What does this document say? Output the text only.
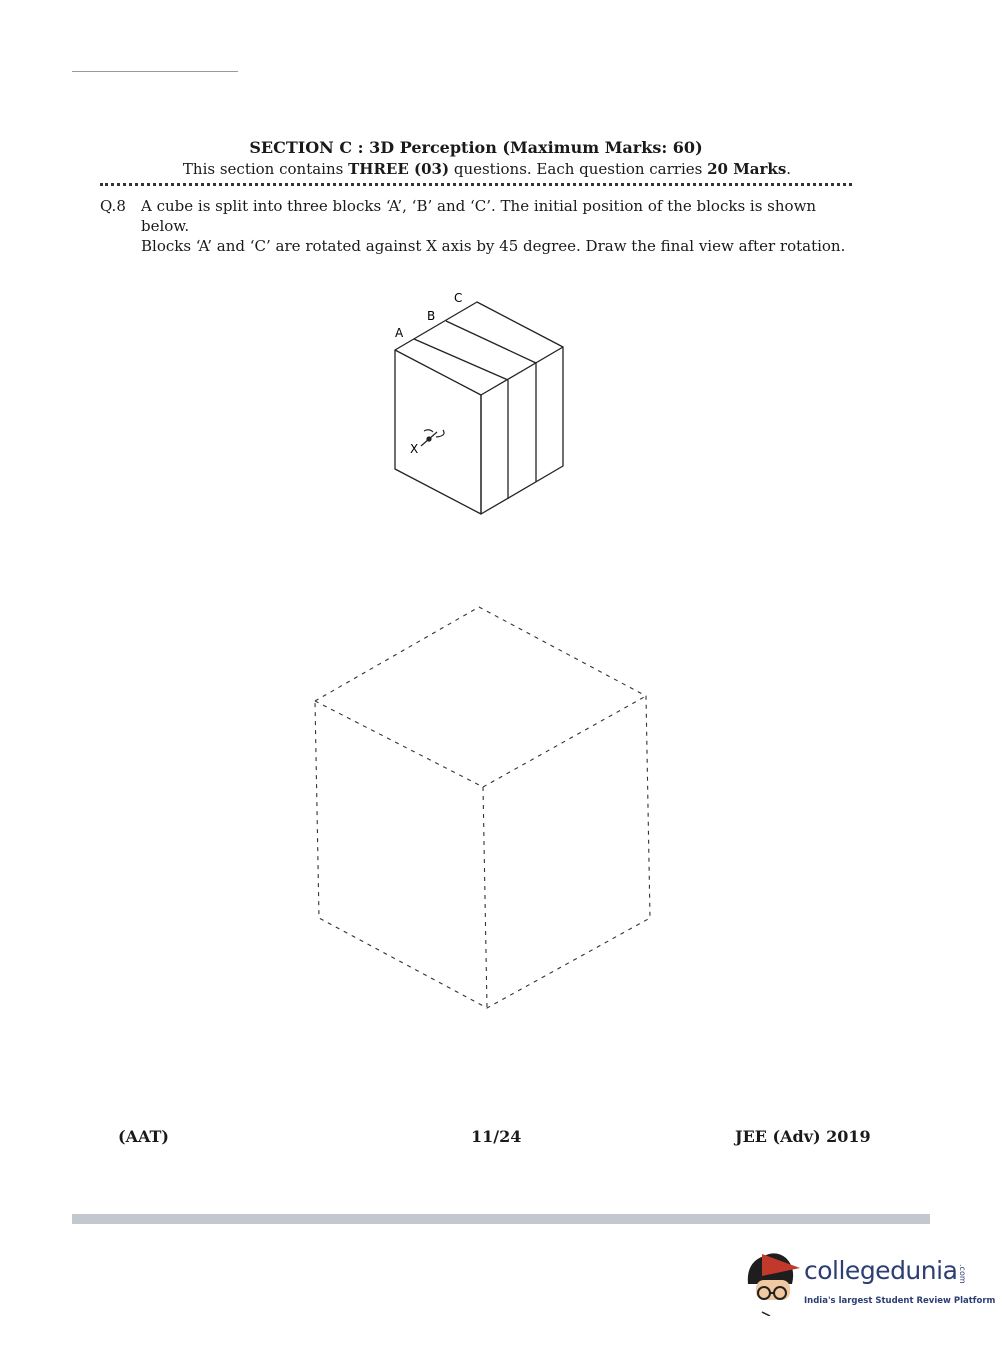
SECTION C : 3D Perception (Maximum Marks: 60)
This section contains THREE (03) questions. Each question carries 20 Marks.
Q.8 A cube is split into three blocks ‘A’, ‘B’ and ‘C’. The initial position of the blocks is shown below.
Blocks ‘A’ and ‘C’ are rotated against X axis by 45 degree. Draw the final view after rotation.
A
B
C
X
(AAT)	11/24	JEE (Adv) 2019
collegedunia .com
India's largest Student Review Platform
